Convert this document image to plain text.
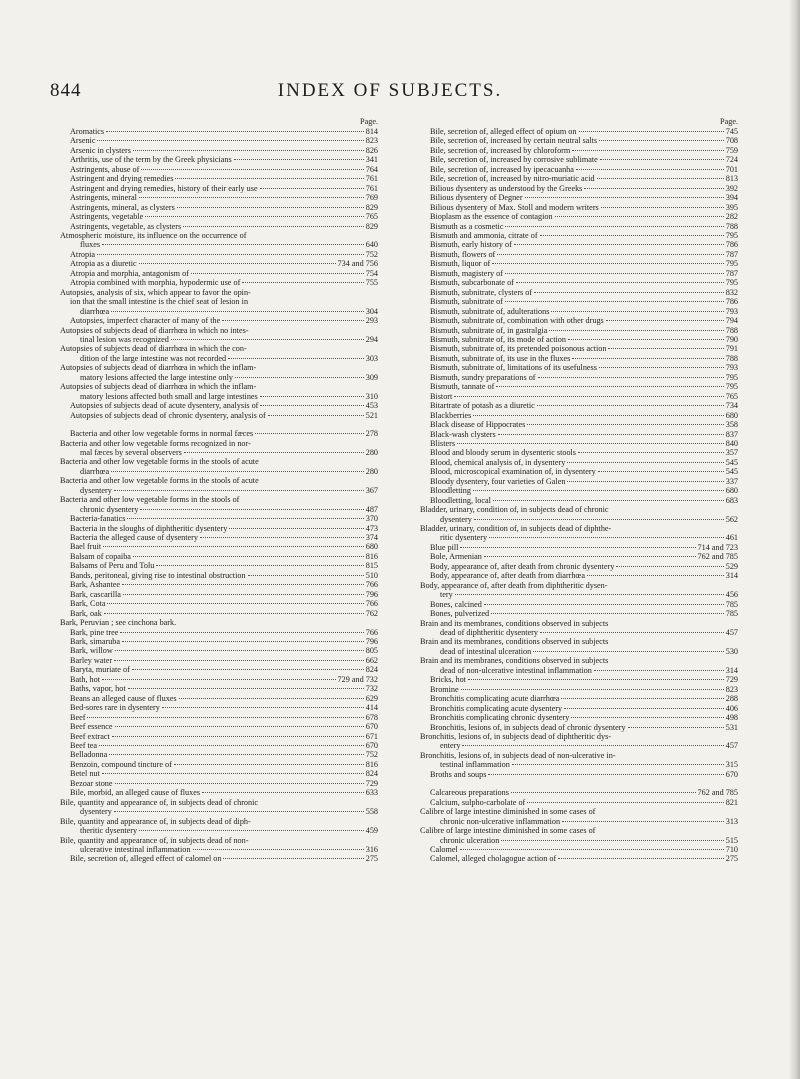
844	INDEX OF SUBJECTS.
Page.
Aromatics	814
Arsenic	823
Arsenic in clysters	826
Arthritis, use of the term by the Greek physicians	341
Astringents, abuse of	764
Astringent and drying remedies	761
Astringent and drying remedies, history of their early use	761
Astringents, mineral	769
Astringents, mineral, as clysters	829
Astringents, vegetable	765
Astringents, vegetable, as clysters	829
Atmospheric moisture, its influence on the occurrence of
fluxes	640
Atropia	752
Atropia as a diuretic	734 and 756
Atropia and morphia, antagonism of	754
Atropia combined with morphia, hypodermic use of	755
Autopsies, analysis of six, which appear to favor the opin-
ion that the small intestine is the chief seat of lesion in
diarrhœa	304
Autopsies, imperfect character of many of the	293
Autopsies of subjects dead of diarrhœa in which no intes-
tinal lesion was recognized	294
Autopsies of subjects dead of diarrhœa in which the con-
dition of the large intestine was not recorded	303
Autopsies of subjects dead of diarrhœa in which the inflam-
matory lesions affected the large intestine only	309
Autopsies of subjects dead of diarrhœa in which the inflam-
matory lesions affected both small and large intestines	310
Autopsies of subjects dead of acute dysentery, analysis of	453
Autopsies of subjects dead of chronic dysentery, analysis of	521
Bacteria and other low vegetable forms in normal fæces	278
Bacteria and other low vegetable forms recognized in nor-
mal fæces by several observers	280
Bacteria and other low vegetable forms in the stools of acute
diarrhœa	280
Bacteria and other low vegetable forms in the stools of acute
dysentery	367
Bacteria and other low vegetable forms in the stools of
chronic dysentery	487
Bacteria-fanatics	370
Bacteria in the sloughs of diphtheritic dysentery	473
Bacteria the alleged cause of dysentery	374
Bael fruit	680
Balsam of copaiba	816
Balsams of Peru and Tolu	815
Bands, peritoneal, giving rise to intestinal obstruction	510
Bark, Ashantee	766
Bark, cascarilla	796
Bark, Cota	766
Bark, oak	762
Bark, Peruvian ; see cinchona bark.
Bark, pine tree	766
Bark, simaruba	796
Bark, willow	805
Barley water	662
Baryta, muriate of	824
Bath, hot	729 and 732
Baths, vapor, hot	732
Beans an alleged cause of fluxes	629
Bed-sores rare in dysentery	414
Beef	678
Beef essence	670
Beef extract	671
Beef tea	670
Belladonna	752
Benzoin, compound tincture of	816
Betel nut	824
Bezoar stone	729
Bile, morbid, an alleged cause of fluxes	633
Bile, quantity and appearance of, in subjects dead of chronic
dysentery	558
Bile, quantity and appearance of, in subjects dead of diph-
theritic dysentery	459
Bile, quantity and appearance of, in subjects dead of non-
ulcerative intestinal inflammation	316
Bile, secretion of, alleged effect of calomel on	275
Page.
Bile, secretion of, alleged effect of opium on	745
Bile, secretion of, increased by certain neutral salts	708
Bile, secretion of, increased by chloroform	759
Bile, secretion of, increased by corrosive sublimate	724
Bile, secretion of, increased by ipecacuanha	701
Bile, secretion of, increased by nitro-muriatic acid	813
Bilious dysentery as understood by the Greeks	392
Bilious dysentery of Degner	394
Bilious dysentery of Max. Stoll and modern writers	395
Bioplasm as the essence of contagion	282
Bismuth as a cosmetic	788
Bismuth and ammonia, citrate of	795
Bismuth, early history of	786
Bismuth, flowers of	787
Bismuth, liquor of	795
Bismuth, magistery of	787
Bismuth, subcarbonate of	795
Bismuth, subnitrate, clysters of	832
Bismuth, subnitrate of	786
Bismuth, subnitrate of, adulterations	793
Bismuth, subnitrate of, combination with other drugs	794
Bismuth, subnitrate of, in gastralgia	788
Bismuth, subnitrate of, its mode of action	790
Bismuth, subnitrate of, its pretended poisonous action	791
Bismuth, subnitrate of, its use in the fluxes	788
Bismuth, subnitrate of, limitations of its usefulness	793
Bismuth, sundry preparations of	795
Bismuth, tannate of	795
Bistort	765
Bitartrate of potash as a diuretic	734
Blackberries	680
Black disease of Hippocrates	358
Black-wash clysters	837
Blisters	840
Blood and bloody serum in dysenteric stools	357
Blood, chemical analysis of, in dysentery	545
Blood, microscopical examination of, in dysentery	545
Bloody dysentery, four varieties of Galen	337
Bloodletting	680
Bloodletting, local	683
Bladder, urinary, condition of, in subjects dead of chronic
dysentery	562
Bladder, urinary, condition of, in subjects dead of diphthe-
ritic dysentery	461
Blue pill	714 and 723
Bole, Armenian	762 and 785
Body, appearance of, after death from chronic dysentery	529
Body, appearance of, after death from diarrhœa	314
Body, appearance of, after death from diphtheritic dysen-
tery	456
Bones, calcined	785
Bones, pulverized	785
Brain and its membranes, conditions observed in subjects
dead of diphtheritic dysentery	457
Brain and its membranes, conditions observed in subjects
dead of intestinal ulceration	530
Brain and its membranes, conditions observed in subjects
dead of non-ulcerative intestinal inflammation	314
Bricks, hot	729
Bromine	823
Bronchitis complicating acute diarrhœa	288
Bronchitis complicating acute dysentery	406
Bronchitis complicating chronic dysentery	498
Bronchitis, lesions of, in subjects dead of chronic dysentery	531
Bronchitis, lesions of, in subjects dead of diphtheritic dys-
entery	457
Bronchitis, lesions of, in subjects dead of non-ulcerative in-
testinal inflammation	315
Broths and soups	670
Calcareous preparations	762 and 785
Calcium, sulpho-carbolate of	821
Calibre of large intestine diminished in some cases of
chronic non-ulcerative inflammation	313
Calibre of large intestine diminished in some cases of
chronic ulceration	515
Calomel	710
Calomel, alleged cholagogue action of	275
